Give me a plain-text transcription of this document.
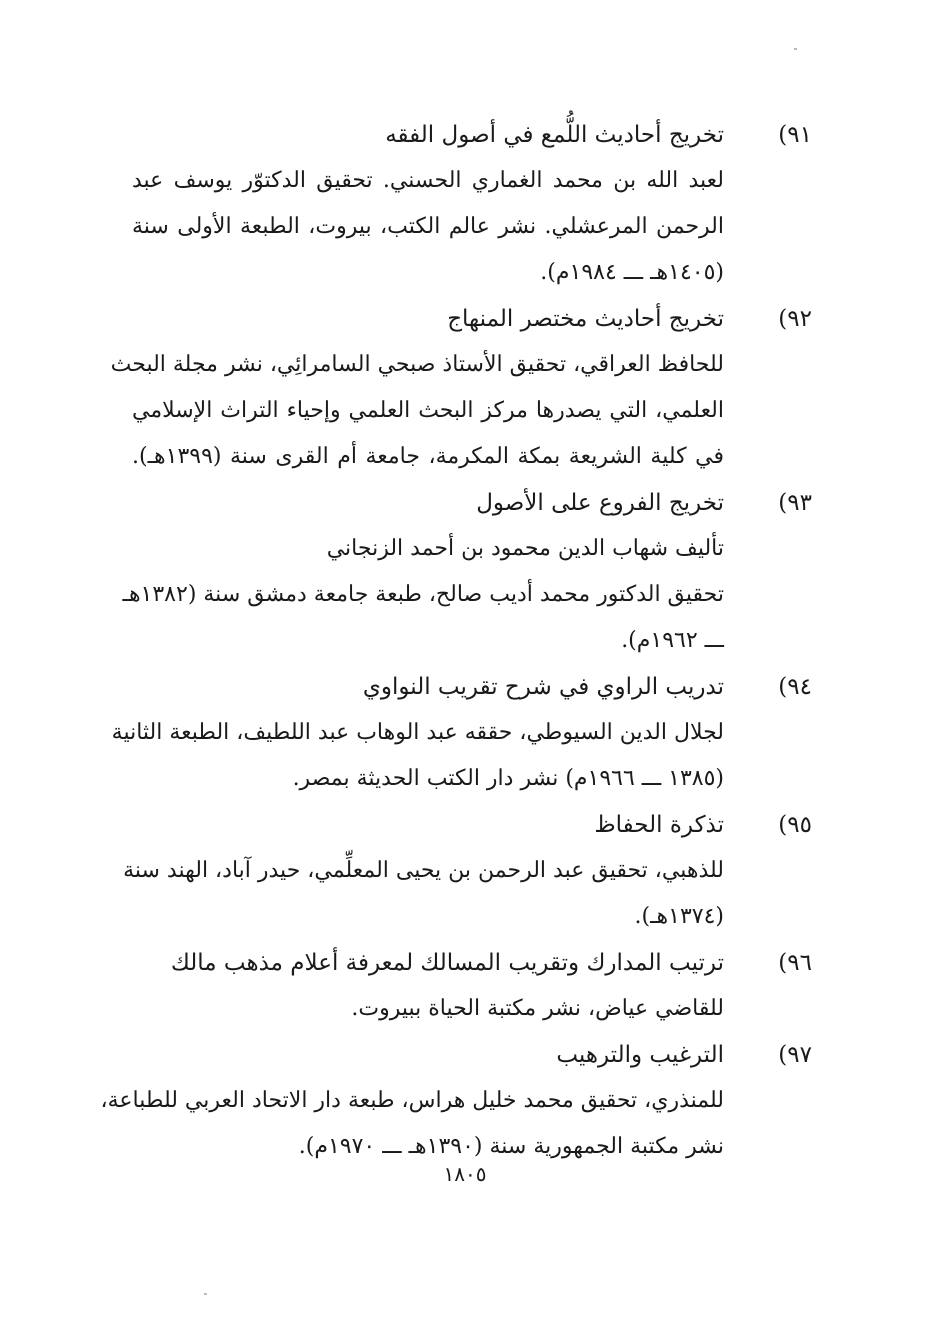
٩١)
تخريج أحاديث اللُّمع في أصول الفقه
لعبد الله بن محمد الغماري الحسني. تحقيق الدكتوّر يوسف عبد
الرحمن المرعشلي. نشر عالم الكتب، بيروت، الطبعة الأولى سنة
(١٤٠٥هـ ـــ ١٩٨٤م).
٩٢)
تخريج أحاديث مختصر المنهاج
للحافظ العراقي، تحقيق الأستاذ صبحي السامرائِي، نشر مجلة البحث
العلمي، التي يصدرها مركز البحث العلمي وإحياء التراث الإسلامي
في كلية الشريعة بمكة المكرمة، جامعة أم القرى سنة (١٣٩٩هـ).
٩٣)
تخريج الفروع على الأصول
تأليف شهاب الدين محمود بن أحمد الزنجاني
تحقيق الدكتور محمد أديب صالح، طبعة جامعة دمشق سنة (١٣٨٢هـ
ـــ ١٩٦٢م).
٩٤)
تدريب الراوي في شرح تقريب النواوي
لجلال الدين السيوطي، حققه عبد الوهاب عبد اللطيف، الطبعة الثانية
(١٣٨٥ ـــ ١٩٦٦م) نشر دار الكتب الحديثة بمصر.
٩٥)
تذكرة الحفاظ
للذهبي، تحقيق عبد الرحمن بن يحيى المعلِّمي، حيدر آباد، الهند سنة
(١٣٧٤هـ).
٩٦)
ترتيب المدارك وتقريب المسالك لمعرفة أعلام مذهب مالك
للقاضي عياض، نشر مكتبة الحياة ببيروت.
٩٧)
الترغيب والترهيب
للمنذري، تحقيق محمد خليل هراس، طبعة دار الاتحاد العربي للطباعة،
نشر مكتبة الجمهورية سنة (١٣٩٠هـ ـــ ١٩٧٠م).
١٨٠٥
